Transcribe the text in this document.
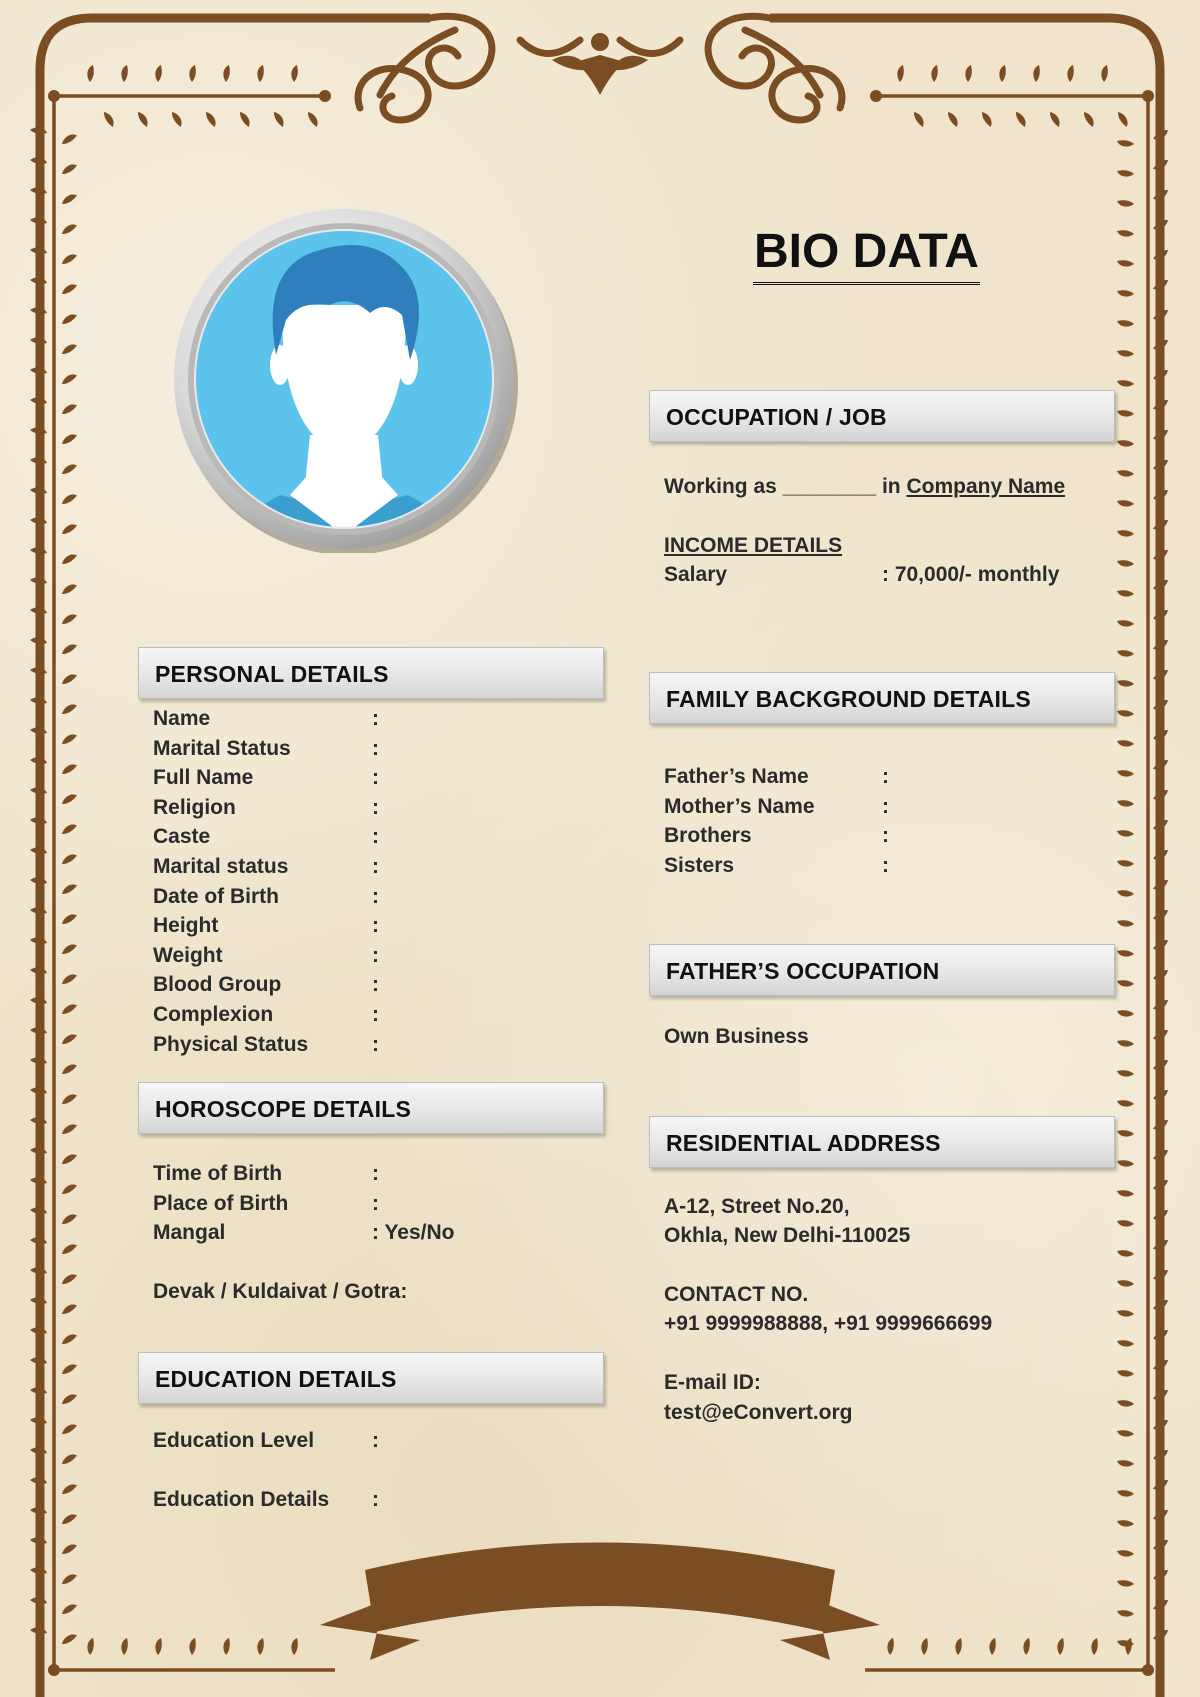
BIO DATA
OCCUPATION / JOB
Working as ________ in Company Name
INCOME DETAILS
Salary	: 70,000/- monthly
PERSONAL DETAILS
FAMILY BACKGROUND DETAILS
FATHER’S OCCUPATION
Own Business
HOROSCOPE DETAILS
Devak / Kuldaivat / Gotra:
RESIDENTIAL ADDRESS
A-12, Street No.20,
Okhla, New Delhi-110025
CONTACT NO.
+91 9999988888, +91 9999666699
E-mail ID:
test@eConvert.org
EDUCATION DETAILS
Name	:
Marital Status	:
Full Name	:
Religion	:
Caste	:
Marital status	:
Date of Birth	:
Height	:
Weight	:
Blood Group	:
Complexion	:
Physical Status	:
Father’s Name	:
Mother’s Name	:
Brothers	:
Sisters	:
Time of Birth	:
Place of Birth	:
Mangal	: Yes/No
Education Level	:
Education Details :
